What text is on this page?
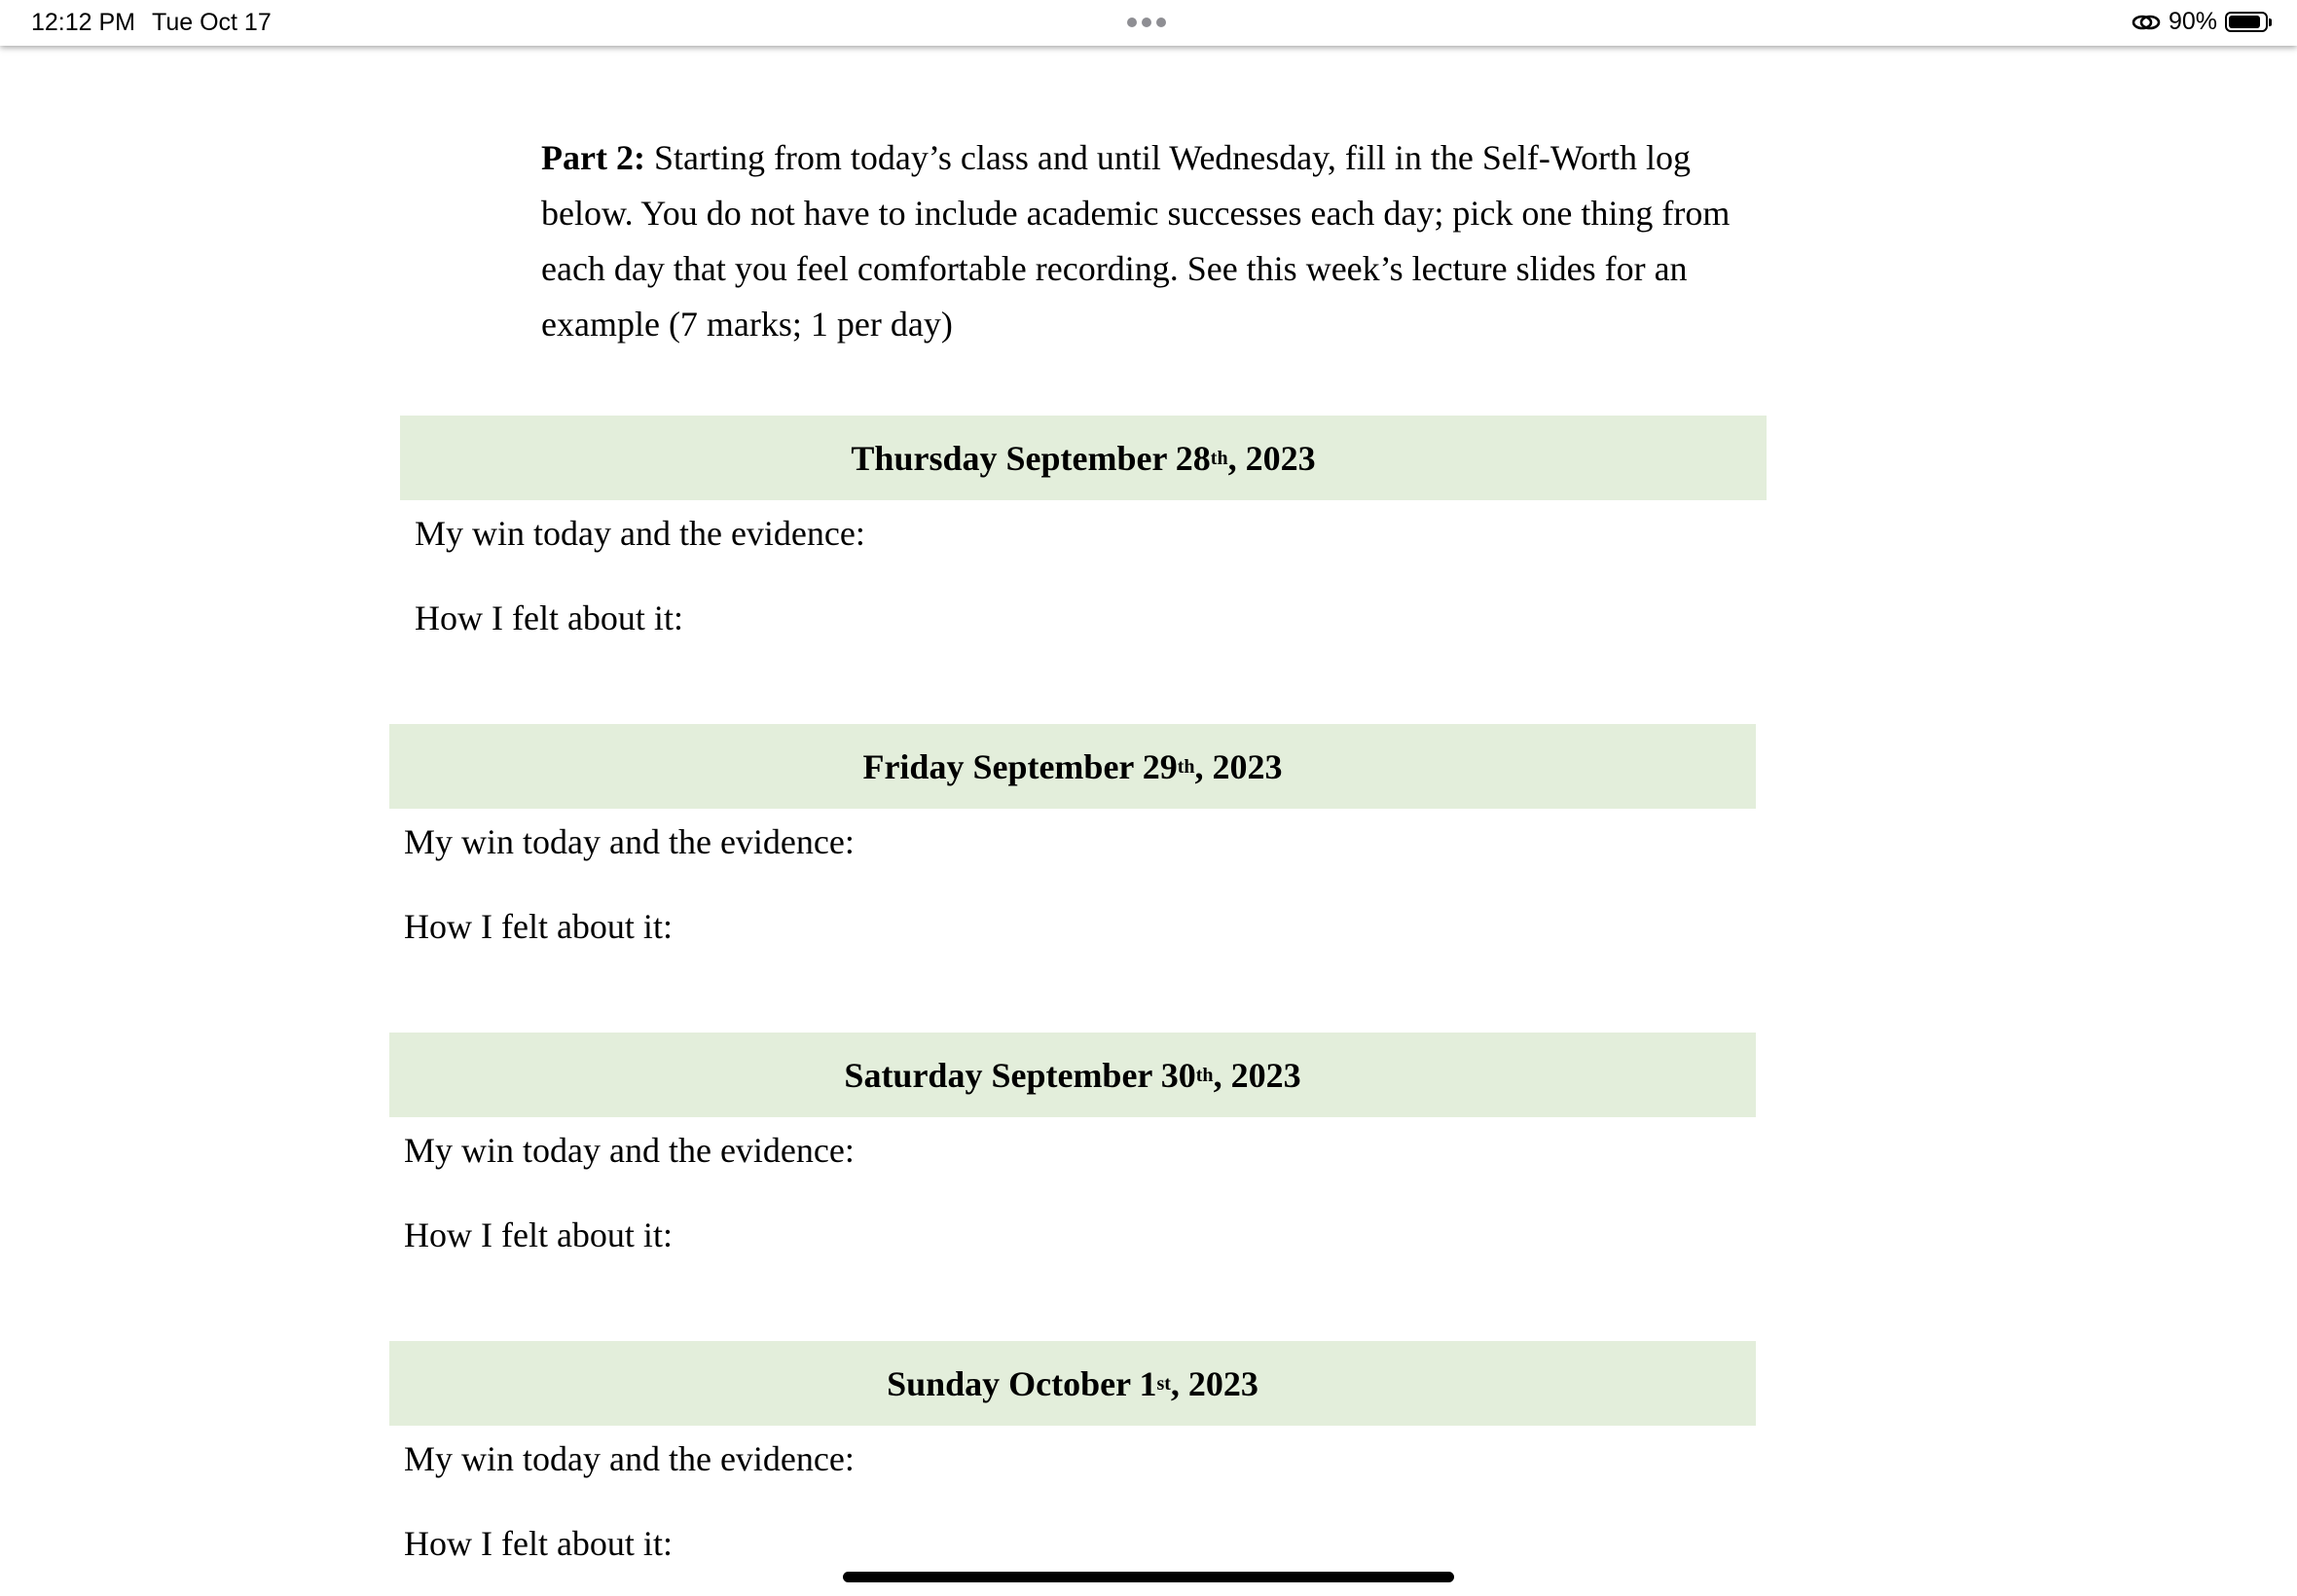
12:12 PM Tue Oct 17	90%
Part 2: Starting from today’s class and until Wednesday, fill in the Self-Worth log below. You do not have to include academic successes each day; pick one thing from each day that you feel comfortable recording. See this week’s lecture slides for an example (7 marks; 1 per day)
Thursday September 28 th , 2023
My win today and the evidence:
How I felt about it:
Friday September 29 th , 2023
My win today and the evidence:
How I felt about it:
Saturday September 30 th , 2023
My win today and the evidence:
How I felt about it:
Sunday October 1 st , 2023
My win today and the evidence:
How I felt about it:
